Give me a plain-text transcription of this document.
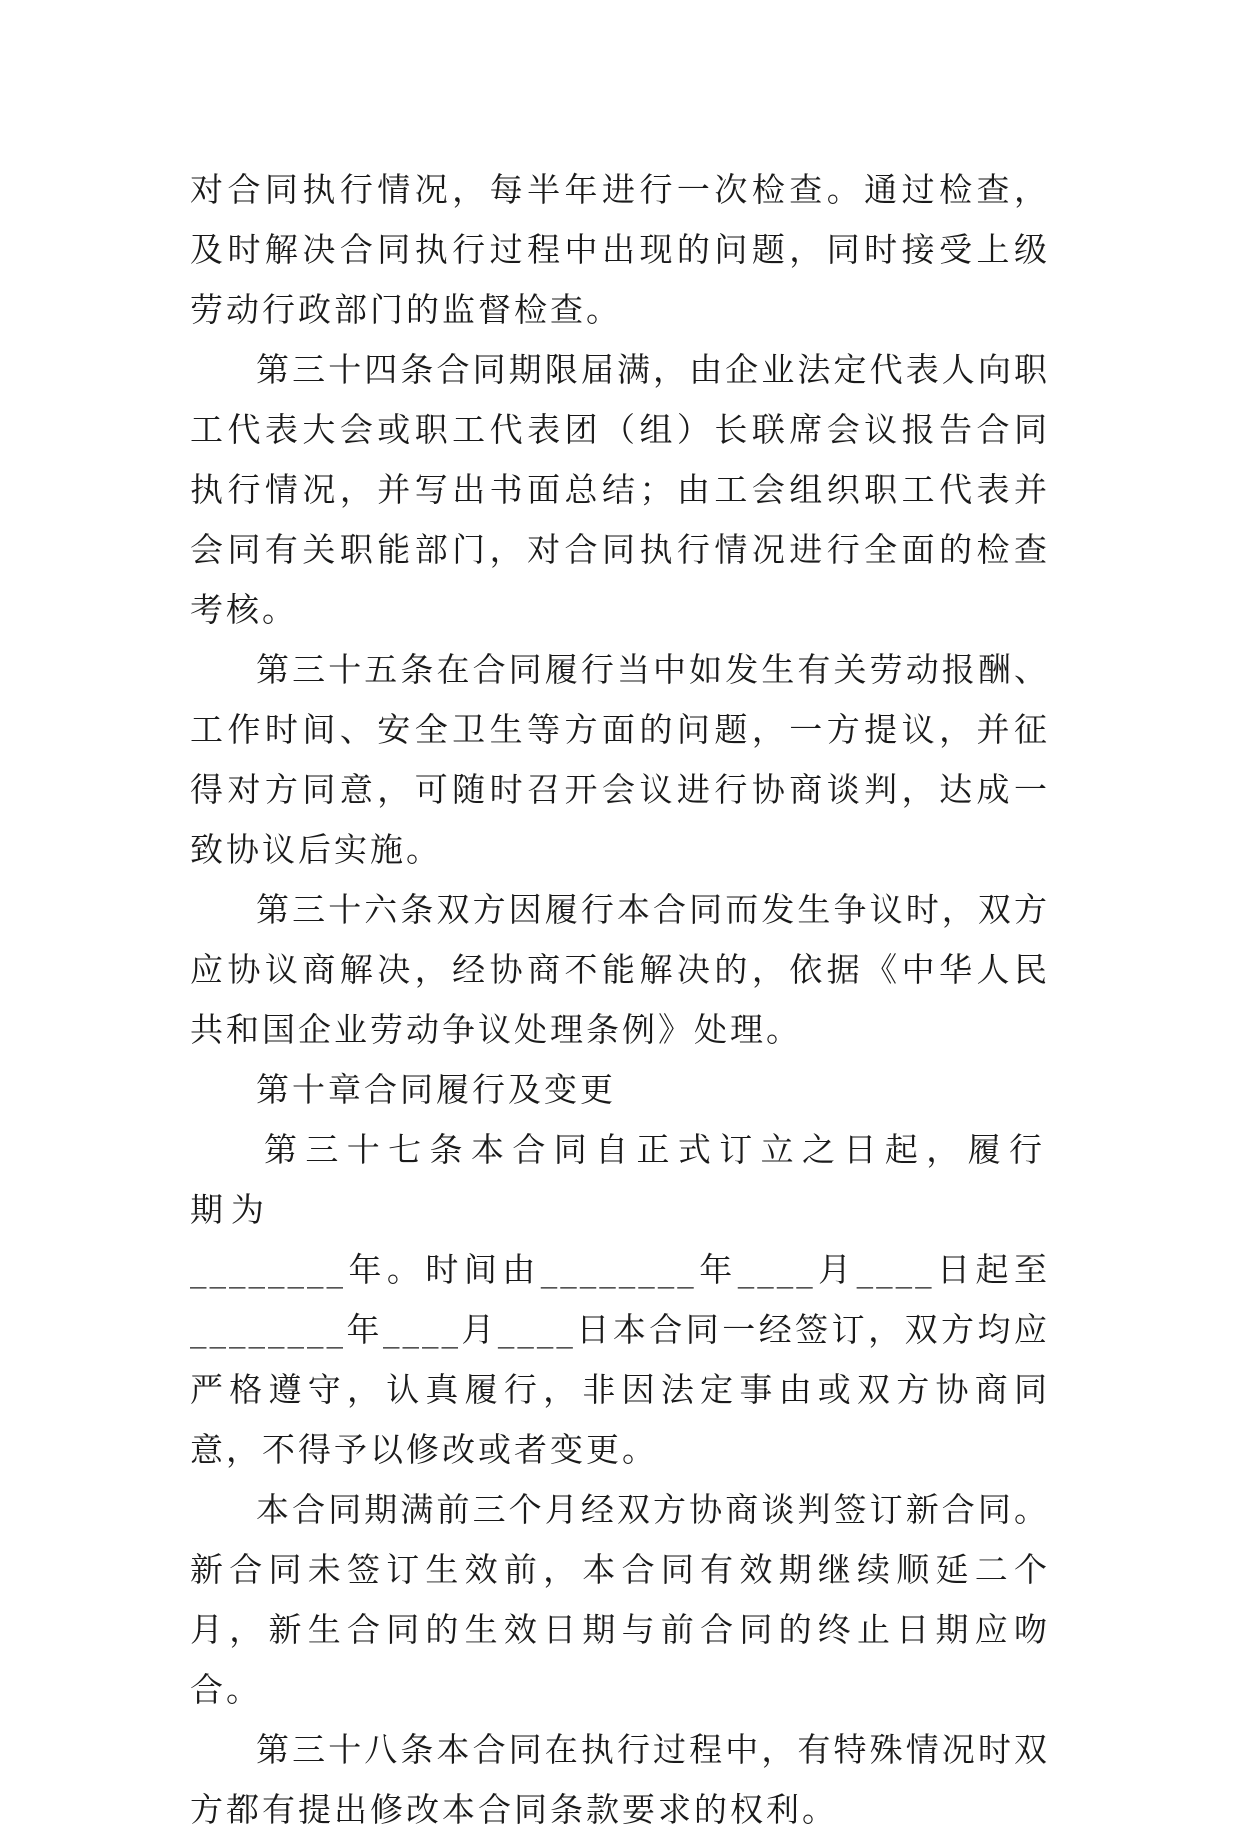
对合同执行情况，每半年进行一次检查。通过检查，及时解决合同执行过程中出现的问题，同时接受上级劳动行政部门的监督检查。

第三十四条合同期限届满，由企业法定代表人向职工代表大会或职工代表团（组）长联席会议报告合同执行情况，并写出书面总结；由工会组织职工代表并会同有关职能部门，对合同执行情况进行全面的检查考核。

第三十五条在合同履行当中如发生有关劳动报酬、工作时间、安全卫生等方面的问题，一方提议，并征得对方同意，可随时召开会议进行协商谈判，达成一致协议后实施。

第三十六条双方因履行本合同而发生争议时，双方应协议商解决，经协商不能解决的，依据《中华人民共和国企业劳动争议处理条例》处理。

第十章合同履行及变更

第三十七条本合同自正式订立之日起，履行期为

________年。时间由________年____月____日起至________年____月____日本合同一经签订，双方均应严格遵守，认真履行，非因法定事由或双方协商同意，不得予以修改或者变更。

本合同期满前三个月经双方协商谈判签订新合同。新合同未签订生效前，本合同有效期继续顺延二个月，新生合同的生效日期与前合同的终止日期应吻合。

第三十八条本合同在执行过程中，有特殊情况时双方都有提出修改本合同条款要求的权利。
